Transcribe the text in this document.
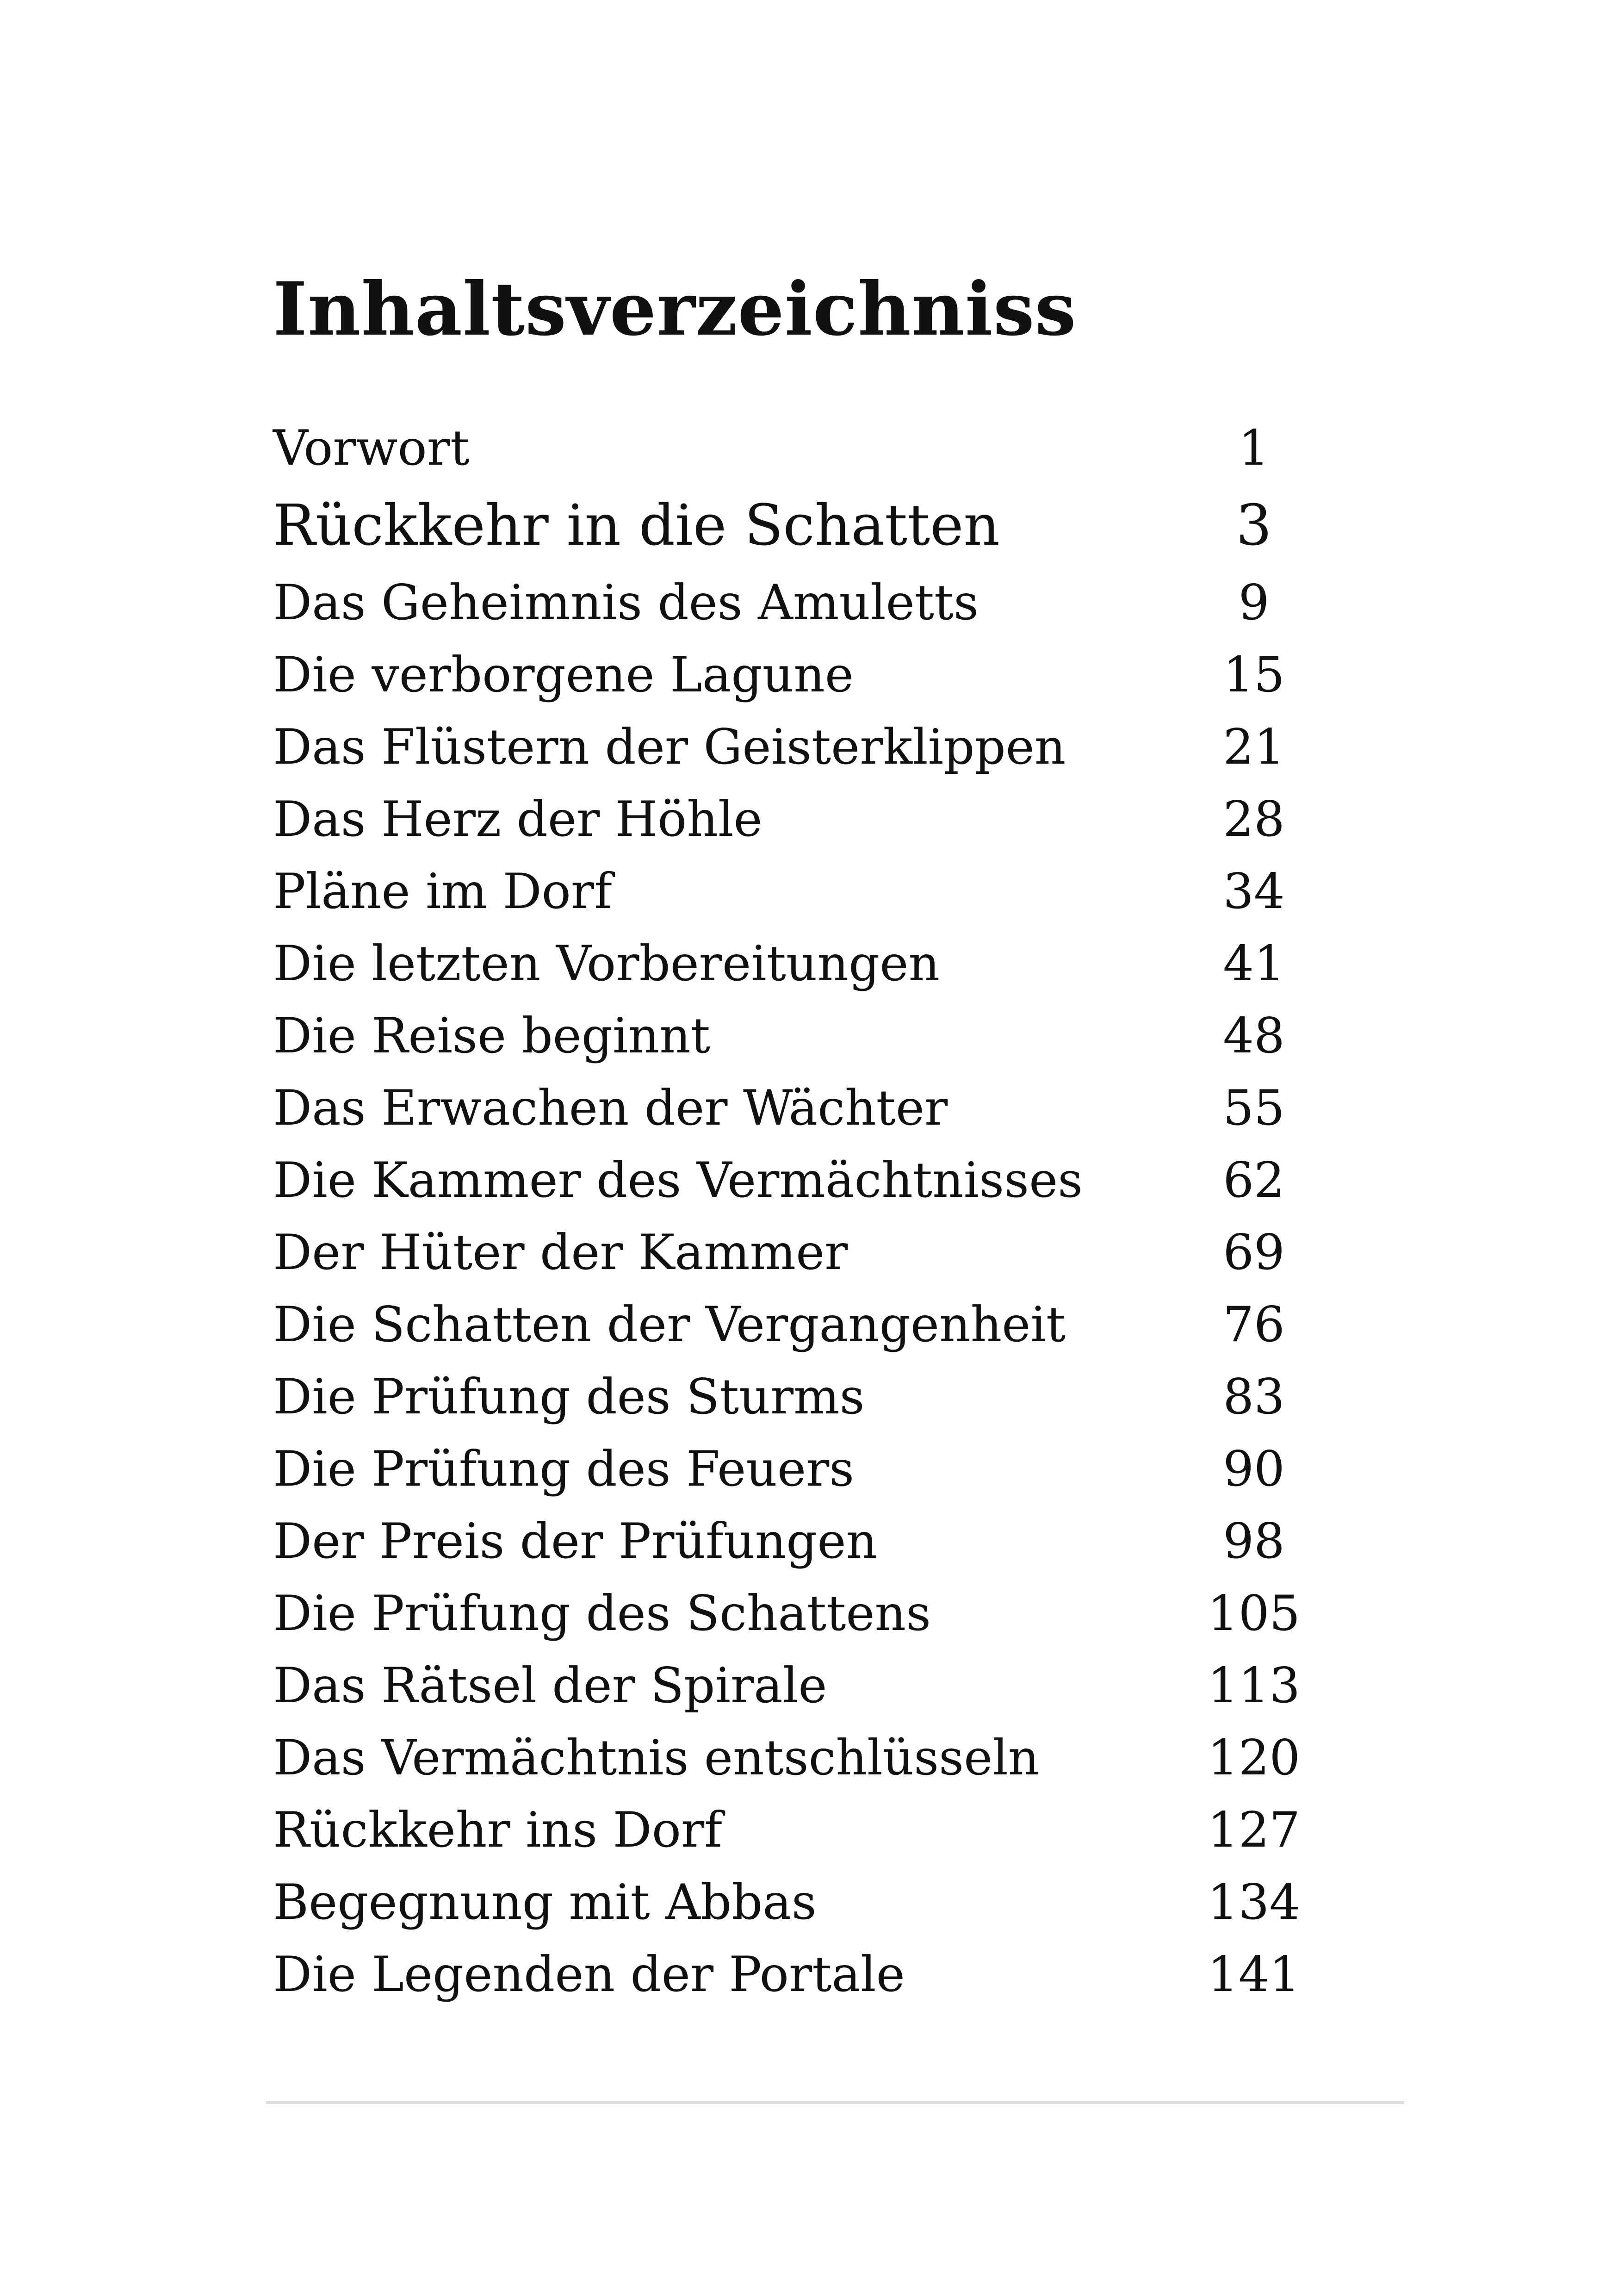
Inhaltsverzeichniss
Vorwort	1
Rückkehr in die Schatten	3
Das Geheimnis des Amuletts	9
Die verborgene Lagune	15
Das Flüstern der Geisterklippen	21
Das Herz der Höhle	28
Pläne im Dorf	34
Die letzten Vorbereitungen	41
Die Reise beginnt	48
Das Erwachen der Wächter	55
Die Kammer des Vermächtnisses	62
Der Hüter der Kammer	69
Die Schatten der Vergangenheit	76
Die Prüfung des Sturms	83
Die Prüfung des Feuers	90
Der Preis der Prüfungen	98
Die Prüfung des Schattens	105
Das Rätsel der Spirale	113
Das Vermächtnis entschlüsseln	120
Rückkehr ins Dorf	127
Begegnung mit Abbas	134
Die Legenden der Portale	141
